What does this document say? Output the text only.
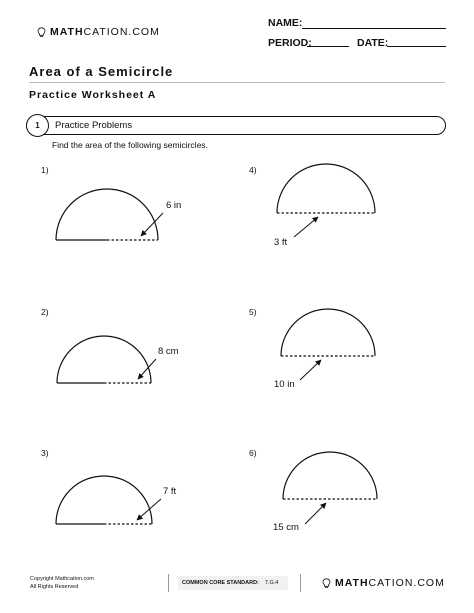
MATHCATION.COM
NAME:
PERIOD:	DATE:
Area of a Semicircle
Practice Worksheet A
1	Practice Problems
Find the area of the following semicircles.
1)
2)
3)
4)
5)
6)
6 in
8 cm
7 ft
3 ft
10 in
15 cm
Copyright Mathcation.com
All Rights Reserved
COMMON CORE STANDARD: 7.G.4	MATHCATION.COM
